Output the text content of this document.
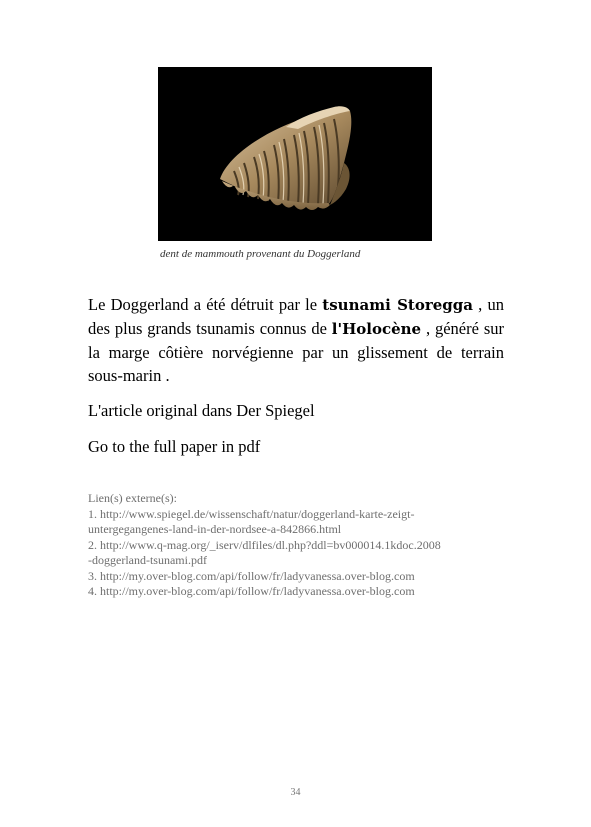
dent de mammouth provenant du Doggerland

Le Doggerland a été détruit par le tsunami Storegga , un des plus grands tsunamis connus de l'Holocène , généré sur la marge côtière norvégienne par un glissement de terrain sous-marin .

L'article original dans Der Spiegel
Go to the full paper in pdf
Lien(s) externe(s):
1. http://www.spiegel.de/wissenschaft/natur/doggerland-karte-zeigt-
untergegangenes-land-in-der-nordsee-a-842866.html
2. http://www.q-mag.org/_iserv/dlfiles/dl.php?ddl=bv000014.1kdoc.2008
-doggerland-tsunami.pdf
3. http://my.over-blog.com/api/follow/fr/ladyvanessa.over-blog.com
4. http://my.over-blog.com/api/follow/fr/ladyvanessa.over-blog.com
34
